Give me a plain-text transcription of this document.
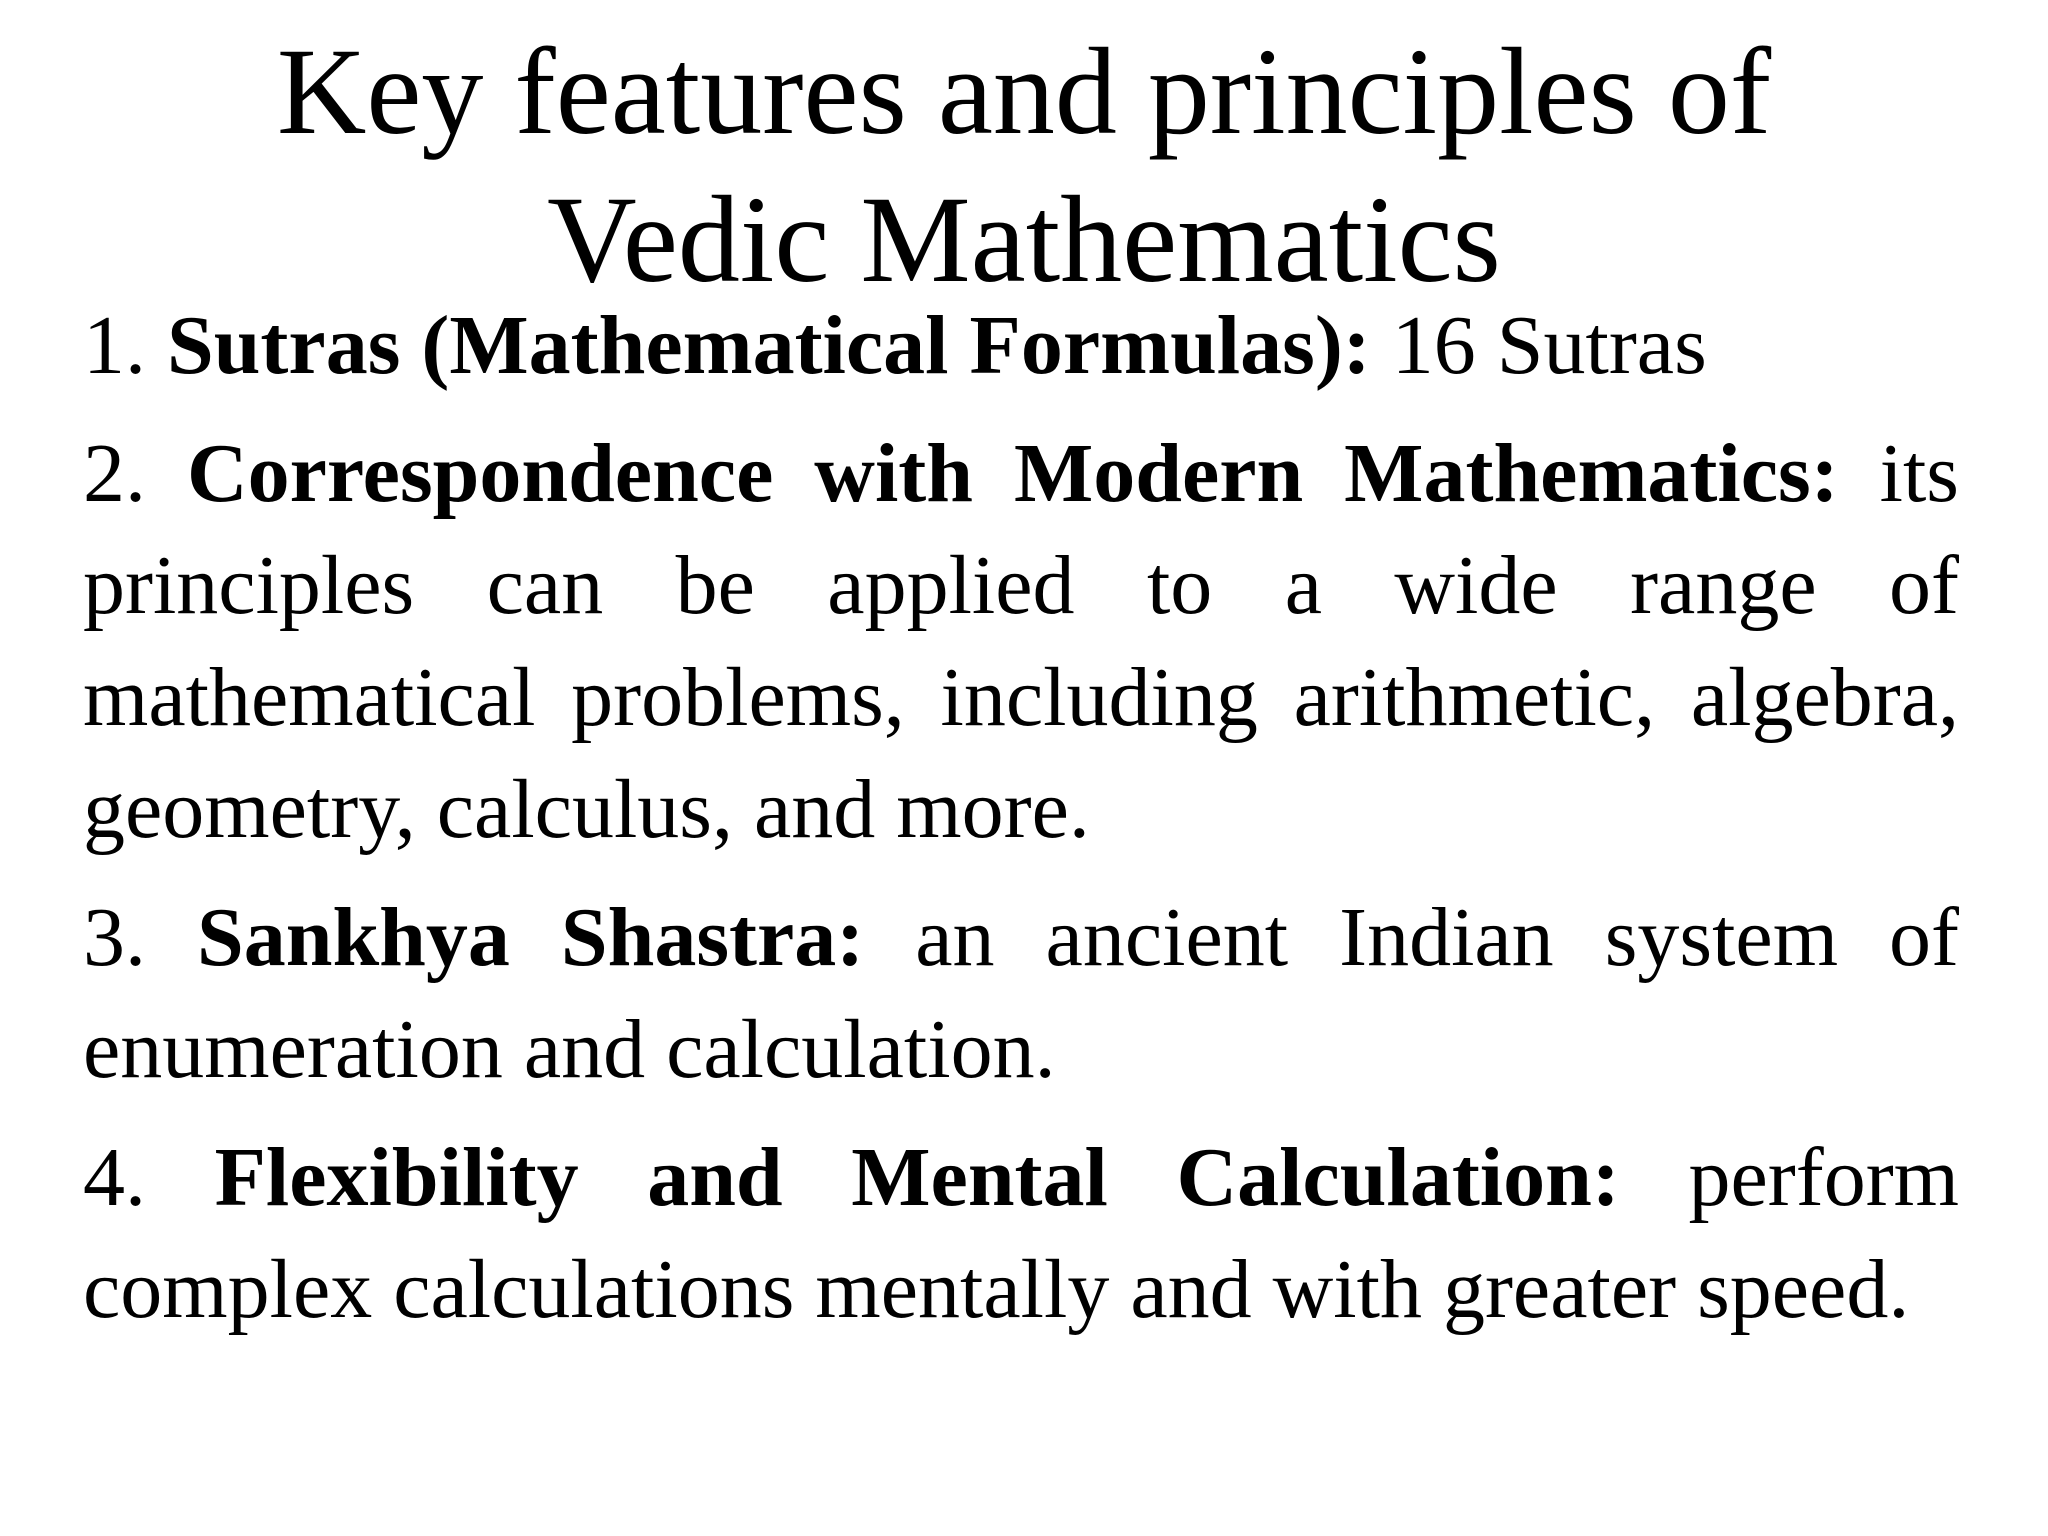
Key features and principles of
Vedic Mathematics
1. Sutras (Mathematical Formulas): 16 Sutras
2. Correspondence with Modern Mathematics: its principles can be applied to a wide range of mathematical problems, including arithmetic, algebra, geometry, calculus, and more.
3. Sankhya Shastra: an ancient Indian system of enumeration and calculation.
4. Flexibility and Mental Calculation: perform complex calculations mentally and with greater speed.
